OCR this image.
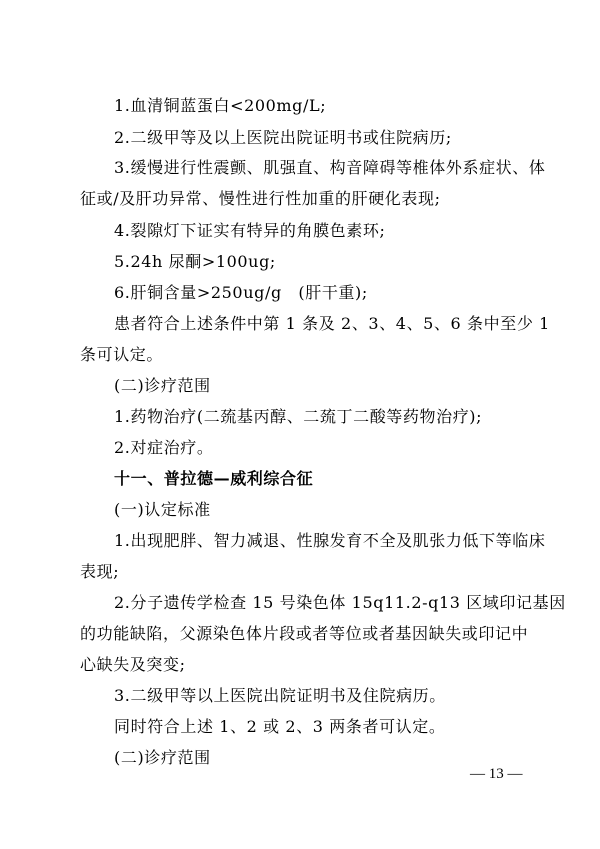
1.血清铜蓝蛋白<200mg/L;
2.二级甲等及以上医院出院证明书或住院病历;
3.缓慢进行性震颤、肌强直、构音障碍等椎体外系症状、体
征或/及肝功异常、慢性进行性加重的肝硬化表现;
4.裂隙灯下证实有特异的角膜色素环;
5.24h 尿酮>100ug;
6.肝铜含量>250ug/g　(肝干重);
患者符合上述条件中第 1 条及 2、3、4、5、6 条中至少 1
条可认定。
(二)诊疗范围
1.药物治疗(二巯基丙醇、二巯丁二酸等药物治疗);
2.对症治疗。
十一、普拉德—威利综合征
(一)认定标准
1.出现肥胖、智力减退、性腺发育不全及肌张力低下等临床
表现;
2.分子遗传学检查 15 号染色体 15q11.2-q13 区域印记基因
的功能缺陷，父源染色体片段或者等位或者基因缺失或印记中
心缺失及突变;
3.二级甲等以上医院出院证明书及住院病历。
同时符合上述 1、2 或 2、3 两条者可认定。
(二)诊疗范围
— 13 —
